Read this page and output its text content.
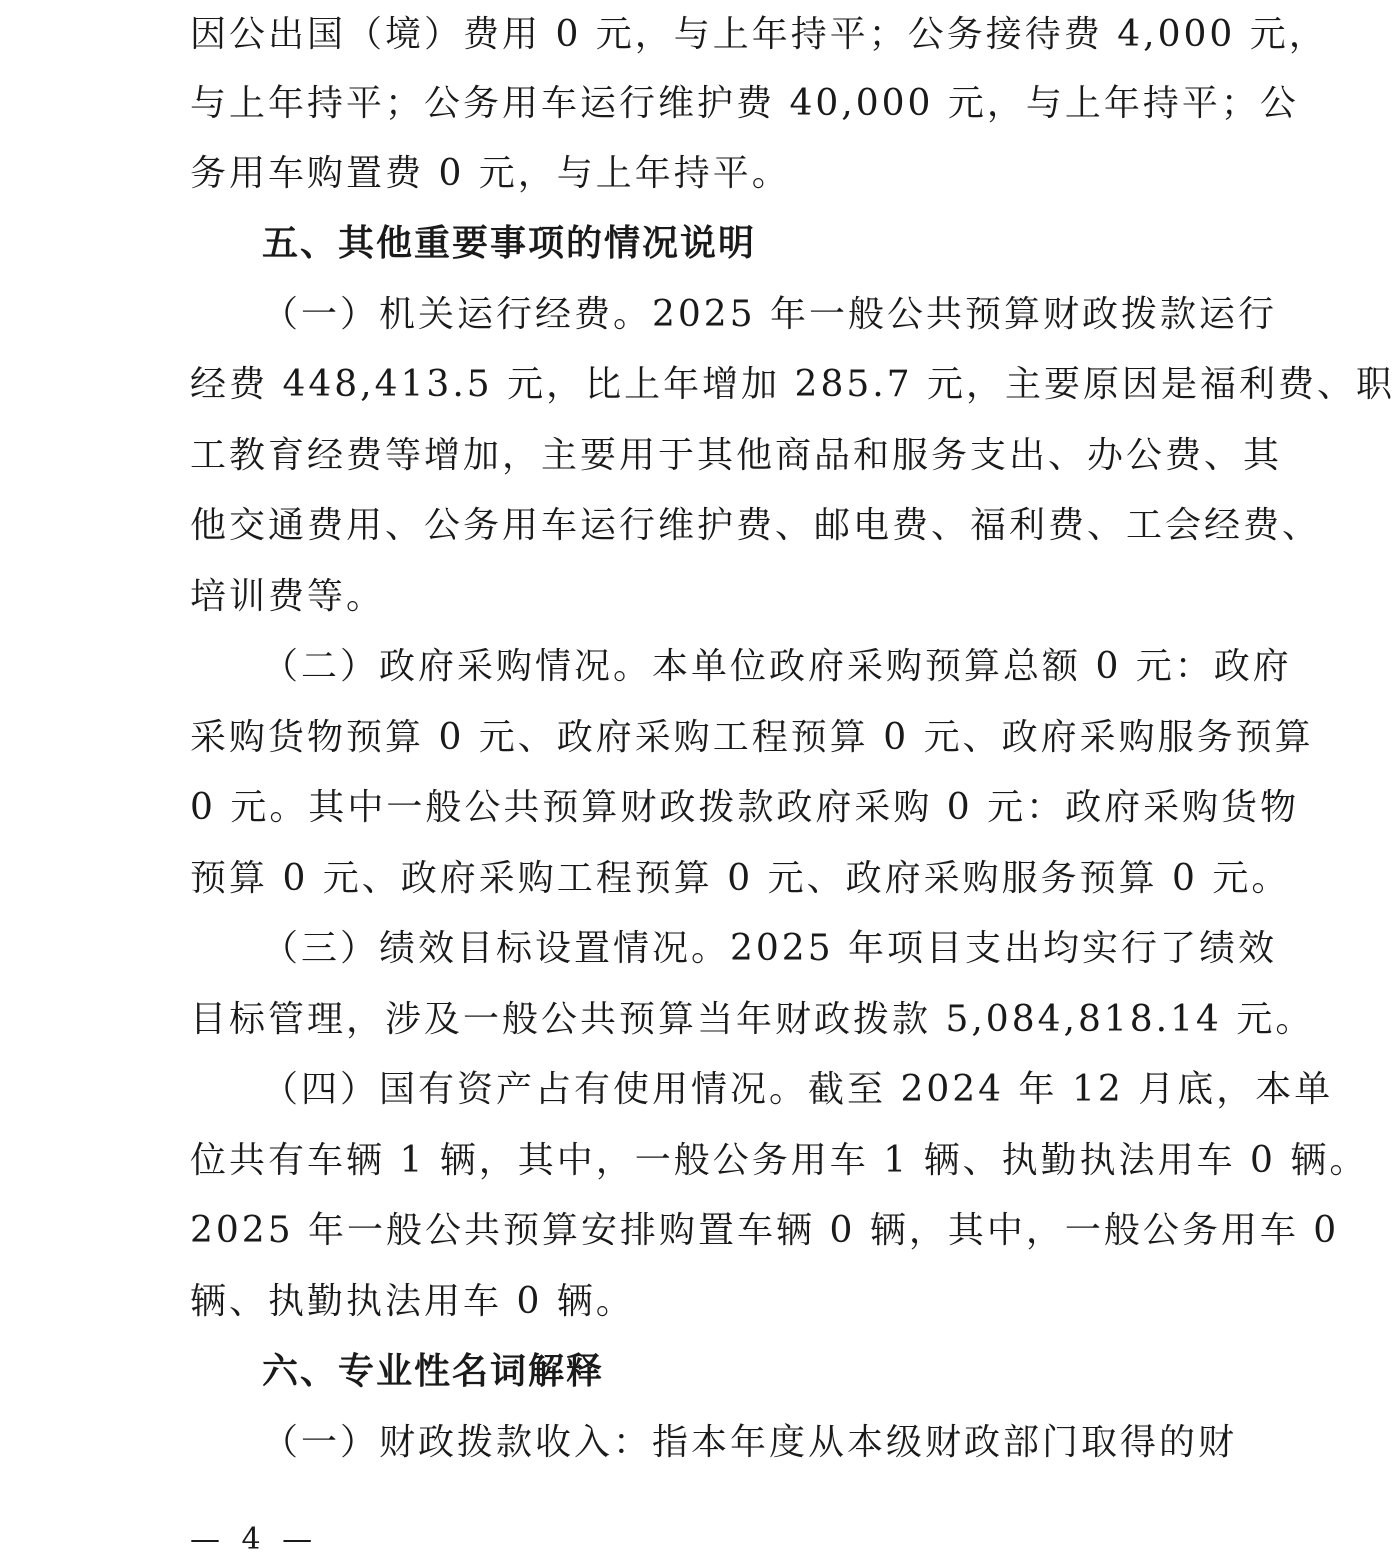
因公出国（境）费用 0 元，与上年持平；公务接待费 4,000 元，
与上年持平；公务用车运行维护费 40,000 元，与上年持平；公
务用车购置费 0 元，与上年持平。
五、其他重要事项的情况说明
（一）机关运行经费。2025 年一般公共预算财政拨款运行
经费 448,413.5 元，比上年增加 285.7 元，主要原因是福利费、职
工教育经费等增加，主要用于其他商品和服务支出、办公费、其
他交通费用、公务用车运行维护费、邮电费、福利费、工会经费、
培训费等。
（二）政府采购情况。本单位政府采购预算总额 0 元：政府
采购货物预算 0 元、政府采购工程预算 0 元、政府采购服务预算
0 元。其中一般公共预算财政拨款政府采购 0 元：政府采购货物
预算 0 元、政府采购工程预算 0 元、政府采购服务预算 0 元。
（三）绩效目标设置情况。2025 年项目支出均实行了绩效
目标管理，涉及一般公共预算当年财政拨款 5,084,818.14 元。
（四）国有资产占有使用情况。截至 2024 年 12 月底，本单
位共有车辆 1 辆，其中，一般公务用车 1 辆、执勤执法用车 0 辆。
2025 年一般公共预算安排购置车辆 0 辆，其中，一般公务用车 0
辆、执勤执法用车 0 辆。
六、专业性名词解释
（一）财政拨款收入：指本年度从本级财政部门取得的财
— 4 —
